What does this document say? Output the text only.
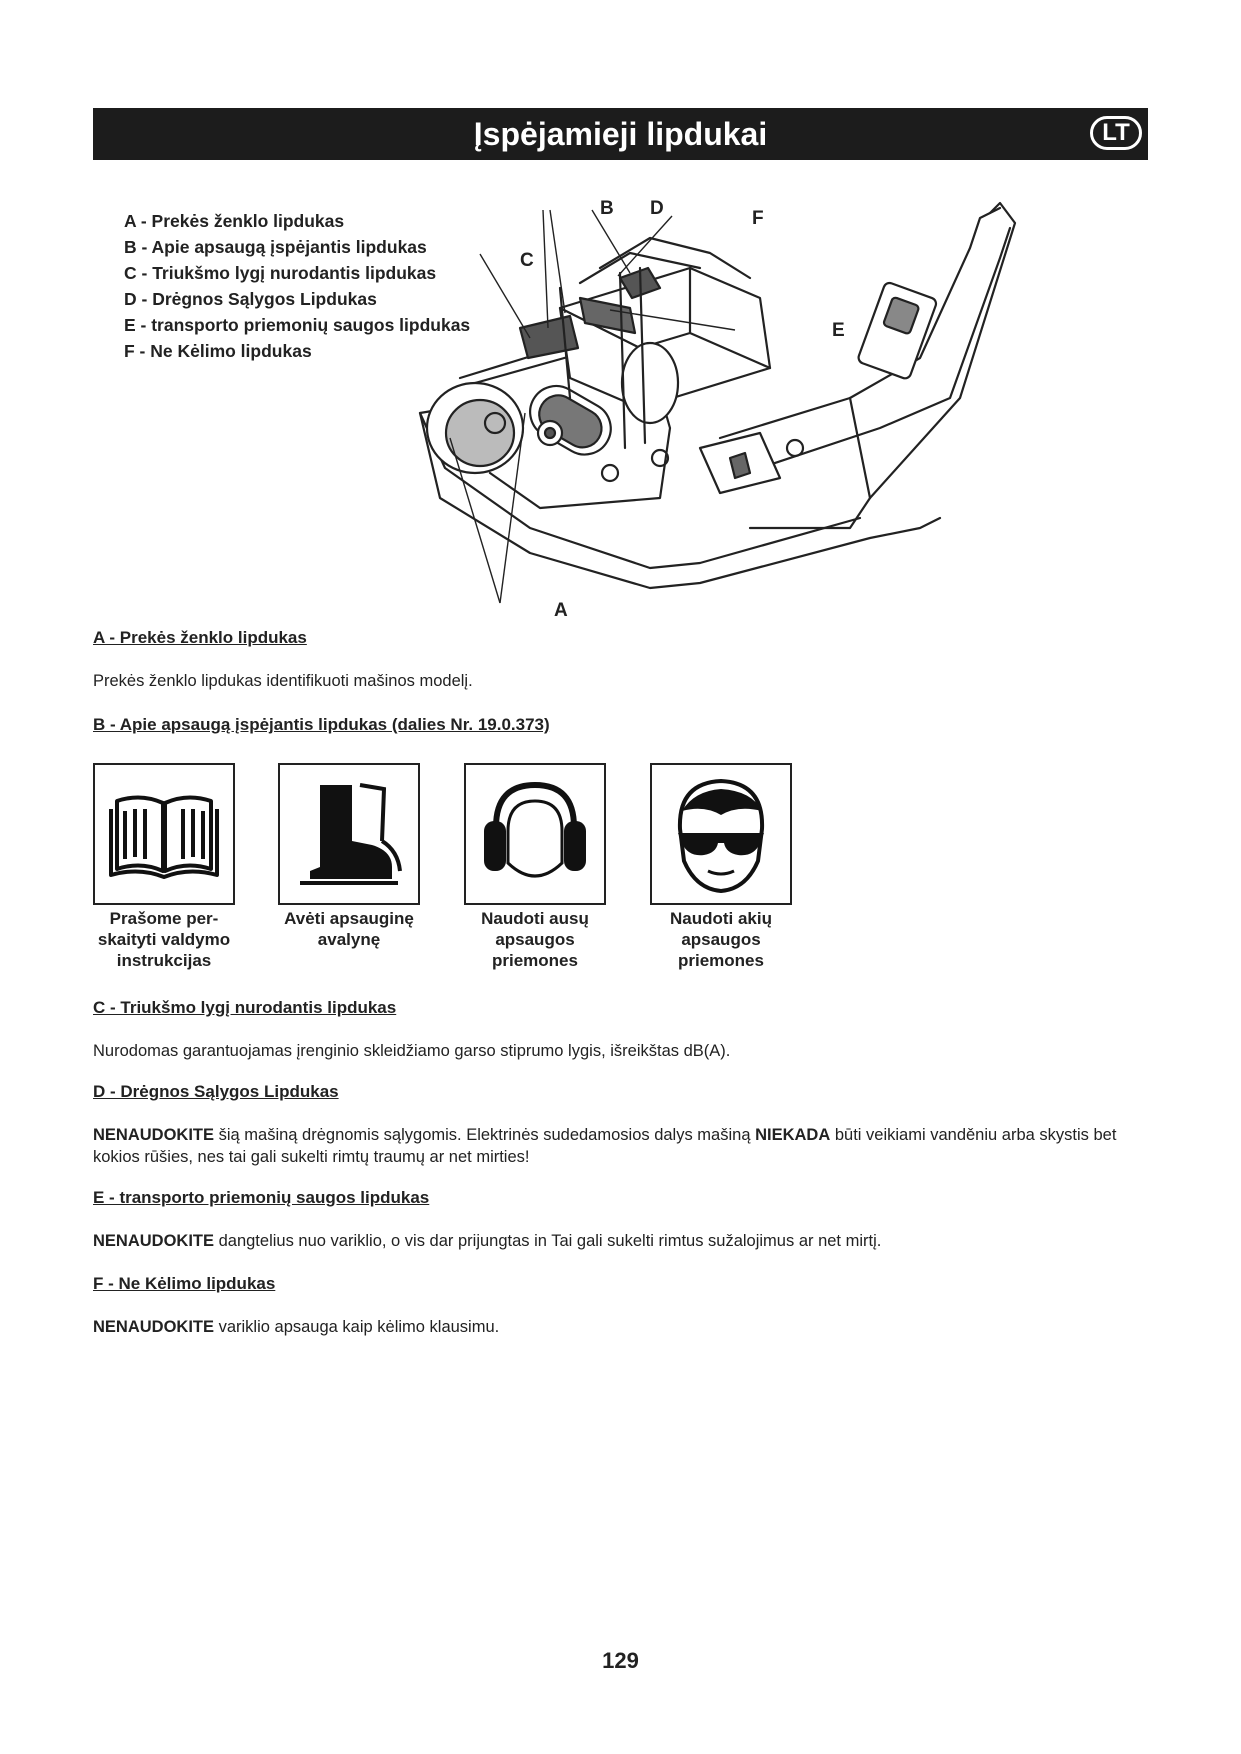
Įspėjamieji lipdukai	LT
A - Prekės ženklo lipdukas
B - Apie apsaugą įspėjantis lipdukas
C - Triukšmo lygį nurodantis lipdukas
D - Drėgnos Sąlygos Lipdukas
E - transporto priemonių saugos lipdukas
F - Ne Kėlimo lipdukas
B D	F
C
E
A
A - Prekės ženklo lipdukas
Prekės ženklo lipdukas identifikuoti mašinos modelį.
B - Apie apsaugą įspėjantis lipdukas (dalies Nr. 19.0.373)
Prašome per-
skaityti valdymo
instrukcijas
Avėti apsauginę
avalynę
Naudoti ausų
apsaugos
priemones
Naudoti akių
apsaugos
priemones
C - Triukšmo lygį nurodantis lipdukas
Nurodomas garantuojamas įrenginio skleidžiamo garso stiprumo lygis, išreikštas dB(A).
D - Drėgnos Sąlygos Lipdukas
NENAUDOKITE šią mašiną drėgnomis sąlygomis. Elektrinės sudedamosios dalys mašiną NIEKADA būti veikiami vanděniu arba skystis bet kokios rūšies, nes tai gali sukelti rimtų traumų ar net mirties!
E - transporto priemonių saugos lipdukas
NENAUDOKITE dangtelius nuo variklio, o vis dar prijungtas in Tai gali sukelti rimtus sužalojimus ar net mirtį.
F - Ne Kėlimo lipdukas
NENAUDOKITE variklio apsauga kaip kėlimo klausimu.
129
